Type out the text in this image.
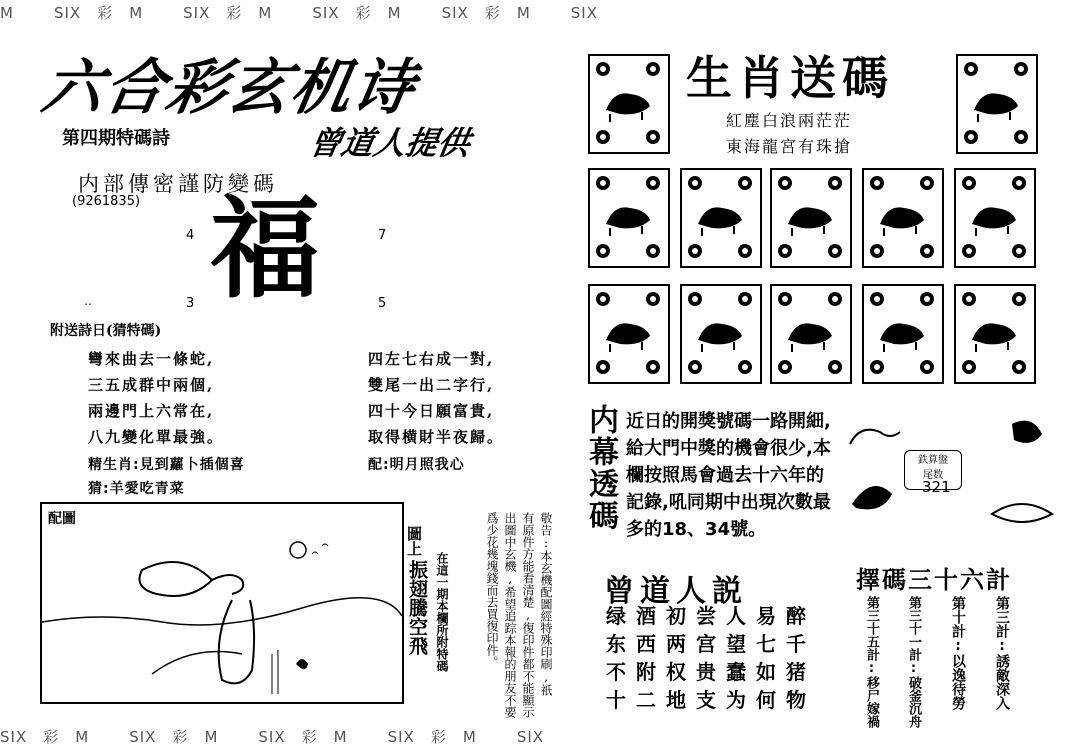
M	SIX 彩 M	SIX 彩 M	SIX 彩 M	SIX 彩 M	SIX
SIX 彩 M	SIX 彩 M	SIX 彩 M	SIX 彩 M	SIX
六合彩玄机诗
第四期特碼詩	曾道人提供
内部傳密謹防變碼
(9261835) 福
4	7
3	5
‥
附送詩日(猜特碼)
彎來曲去一條蛇,
三五成群中兩個,
兩邊門上六常在,
八九變化單最強。
四左七右成一對,
雙尾一出二字行,
四十今日願富貴,
取得横財半夜歸。
精生肖:見到蘿卜插個喜	配:明月照我心
猜:羊愛吃青菜
配圖
圖上,
振翅騰空飛 在這一期本欄所附特碼	敬告:本玄機配圖經特殊印刷,祇
有原件方能看清楚,復印件都不能顯示
出圖中玄機,希望追踪本報的朋友不要
爲少花幾塊錢而去買復印件。
生肖送碼
紅塵白浪兩茫茫
東海龍宮有珠搶
内幕透碼 近日的開獎號碼一路開細,給大門中獎的機會很少,本欄按照馬會過去十六年的記錄,吼同期中出現次數最多的18、34號。
鉄算盤
尾数
321
曾道人説
绿 酒 初 尝 人 易 醉
东 西 两 宫 望 七 千
不 附 权 贵 蠢 如 猪
十 二 地 支 为 何 物
擇碼三十六計
第三計:誘敵深入
第十計:以逸待勞
第三十一計:破釜沉舟
第三十五計:移尸嫁禍
